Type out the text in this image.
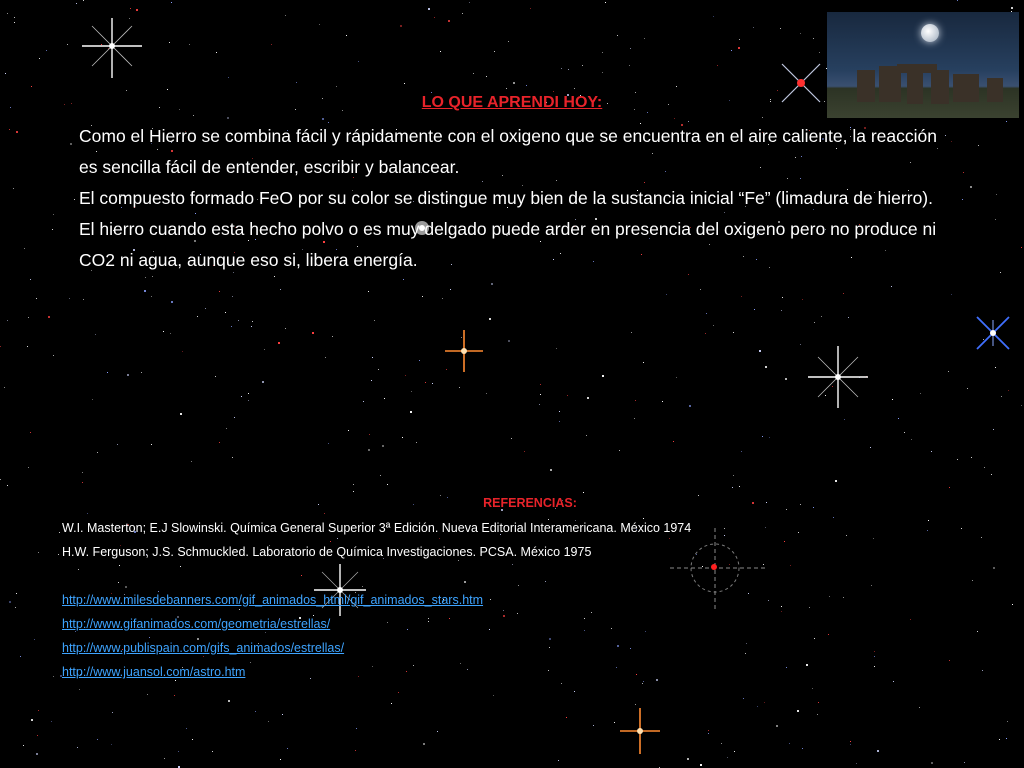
LO QUE APRENDI HOY:

Como el Hierro se combina fácil y rápidamente con el oxigeno que se encuentra en el aire caliente, la reacción es sencilla fácil de entender, escribir y balancear.

El compuesto formado FeO por su color se distingue muy bien de la sustancia inicial “Fe” (limadura de hierro).

El hierro cuando esta hecho polvo o es muy delgado puede arder en presencia del oxigeno pero no produce ni CO2 ni agua, aunque eso si, libera energía.

REFERENCIAS:

W.I. Masterton; E.J Slowinski. Química General Superior 3ª Edición. Nueva Editorial Interamericana. México 1974

H.W. Ferguson; J.S. Schmuckled. Laboratorio de Química Investigaciones. PCSA. México 1975

http://www.milesdebanners.com/gif_animados_html/gif_animados_stars.htm
http://www.gifanimados.com/geometria/estrellas/
http://www.publispain.com/gifs_animados/estrellas/
http://www.juansol.com/astro.htm
